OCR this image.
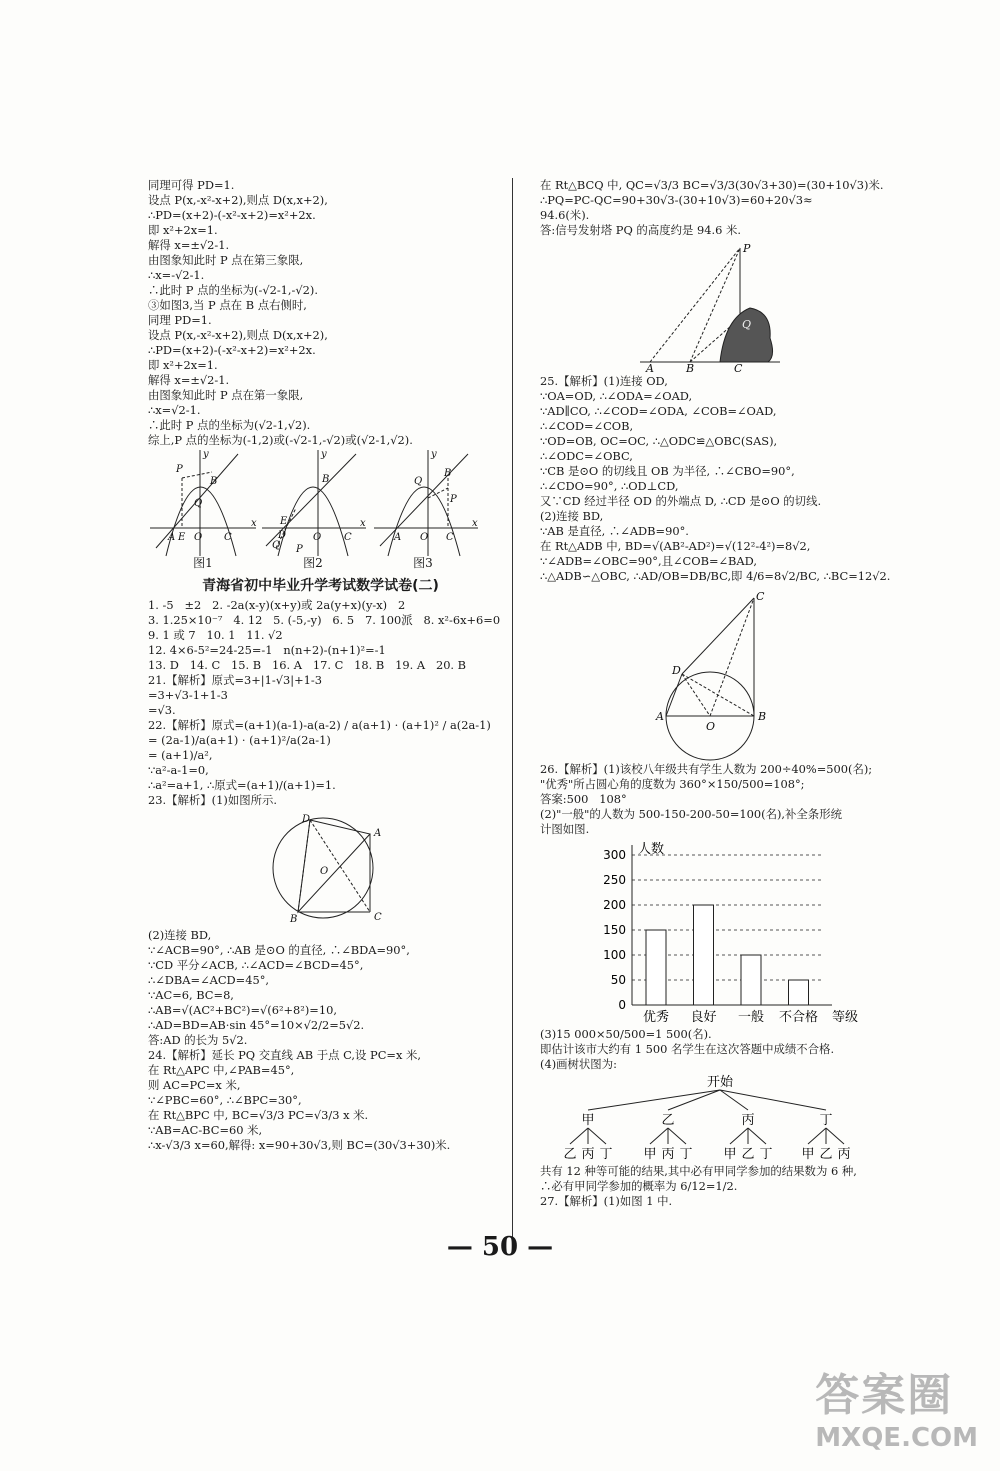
同理可得 PD=1.

设点 P(x,-x²-x+2),则点 D(x,x+2),

∴PD=(x+2)-(-x²-x+2)=x²+2x.

即 x²+2x=1.

解得 x=±√2-1.

由图象知此时 P 点在第三象限,

∴x=-√2-1.

∴此时 P 点的坐标为(-√2-1,-√2).

③如图3,当 P 点在 B 点右侧时,

同理 PD=1.

设点 P(x,-x²-x+2),则点 D(x,x+2),

∴PD=(x+2)-(-x²-x+2)=x²+2x.

即 x²+2x=1.

解得 x=±√2-1.

由图象知此时 P 点在第一象限,

∴x=√2-1.

∴此时 P 点的坐标为(√2-1,√2).

综上,P 点的坐标为(-1,2)或(-√2-1,-√2)或(√2-1,√2).

P
Q
B
A E O C
x
y
E
D
Q P
B
O C
x
y
Q
B
P
C
O
A
x
y
图1	图2	图3
青海省初中毕业升学考试数学试卷(二)

1. -5   ±2   2. -2a(x-y)(x+y)或 2a(y+x)(y-x)   2

3. 1.25×10⁻⁷   4. 12   5. (-5,-y)   6. 5   7. 100派   8. x²-6x+6=0

9. 1 或 7   10. 1   11. √2

12. 4×6-5²=24-25=-1   n(n+2)-(n+1)²=-1

13. D   14. C   15. B   16. A   17. C   18. B   19. A   20. B

21.【解析】原式=3+|1-√3|+1-3

=3+√3-1+1-3

=√3.

22.【解析】原式=(a+1)(a-1)-a(a-2) / a(a+1) · (a+1)² / a(2a-1)

= (2a-1)/a(a+1) · (a+1)²/a(2a-1)

= (a+1)/a²,

∵a²-a-1=0,

∴a²=a+1, ∴原式=(a+1)/(a+1)=1.

23.【解析】(1)如图所示.

D
A
B	C
O

(2)连接 BD,

∵∠ACB=90°, ∴AB 是⊙O 的直径, ∴∠BDA=90°,

∵CD 平分∠ACB, ∴∠ACD=∠BCD=45°,

∴∠DBA=∠ACD=45°,

∵AC=6, BC=8,

∴AB=√(AC²+BC²)=√(6²+8²)=10,

∴AD=BD=AB·sin 45°=10×√2/2=5√2.

答:AD 的长为 5√2.

24.【解析】延长 PQ 交直线 AB 于点 C,设 PC=x 米,

在 Rt△APC 中,∠PAB=45°,

则 AC=PC=x 米,

∵∠PBC=60°, ∴∠BPC=30°,

在 Rt△BPC 中, BC=√3/3 PC=√3/3 x 米.

∵AB=AC-BC=60 米,

∴x-√3/3 x=60,解得: x=90+30√3,则 BC=(30√3+30)米.

在 Rt△BCQ 中, QC=√3/3 BC=√3/3(30√3+30)=(30+10√3)米.

∴PQ=PC-QC=90+30√3-(30+10√3)=60+20√3≈

94.6(米).

答:信号发射塔 PQ 的高度约是 94.6 米.

P
Q
A	B	C

25.【解析】(1)连接 OD,

∵OA=OD, ∴∠ODA=∠OAD,

∵AD∥CO, ∴∠COD=∠ODA, ∠COB=∠OAD,

∴∠COD=∠COB,

∵OD=OB, OC=OC, ∴△ODC≌△OBC(SAS),

∴∠ODC=∠OBC,

∵CB 是⊙O 的切线且 OB 为半径, ∴∠CBO=90°,

∴∠CDO=90°, ∴OD⊥CD,

又∵CD 经过半径 OD 的外端点 D, ∴CD 是⊙O 的切线.

(2)连接 BD,

∵AB 是直径, ∴∠ADB=90°.

在 Rt△ADB 中, BD=√(AB²-AD²)=√(12²-4²)=8√2,

∵∠ADB=∠OBC=90°,且∠COB=∠BAD,

∴△ADB∽△OBC, ∴AD/OB=DB/BC,即 4/6=8√2/BC, ∴BC=12√2.

C
D
A	B
O

26.【解析】(1)该校八年级共有学生人数为 200÷40%=500(名);

"优秀"所占圆心角的度数为 360°×150/500=108°;

答案:500   108°

(2)"一般"的人数为 500-150-200-50=100(名),补全条形统

计图如图.

0
50
100
150
200
250
300 人数
优秀 良好 一般 不合格 等级

(3)15 000×50/500=1 500(名).

即估计该市大约有 1 500 名学生在这次答题中成绩不合格.

(4)画树状图为:

开始
甲
乙 丙 丁
乙
甲 丙 丁
丙
甲 乙 丁
丁
甲 乙 丙

共有 12 种等可能的结果,其中必有甲同学参加的结果数为 6 种,

∴必有甲同学参加的概率为 6/12=1/2.

27.【解析】(1)如图 1 中.

— 50 —
答案圈
MXQE.COM
